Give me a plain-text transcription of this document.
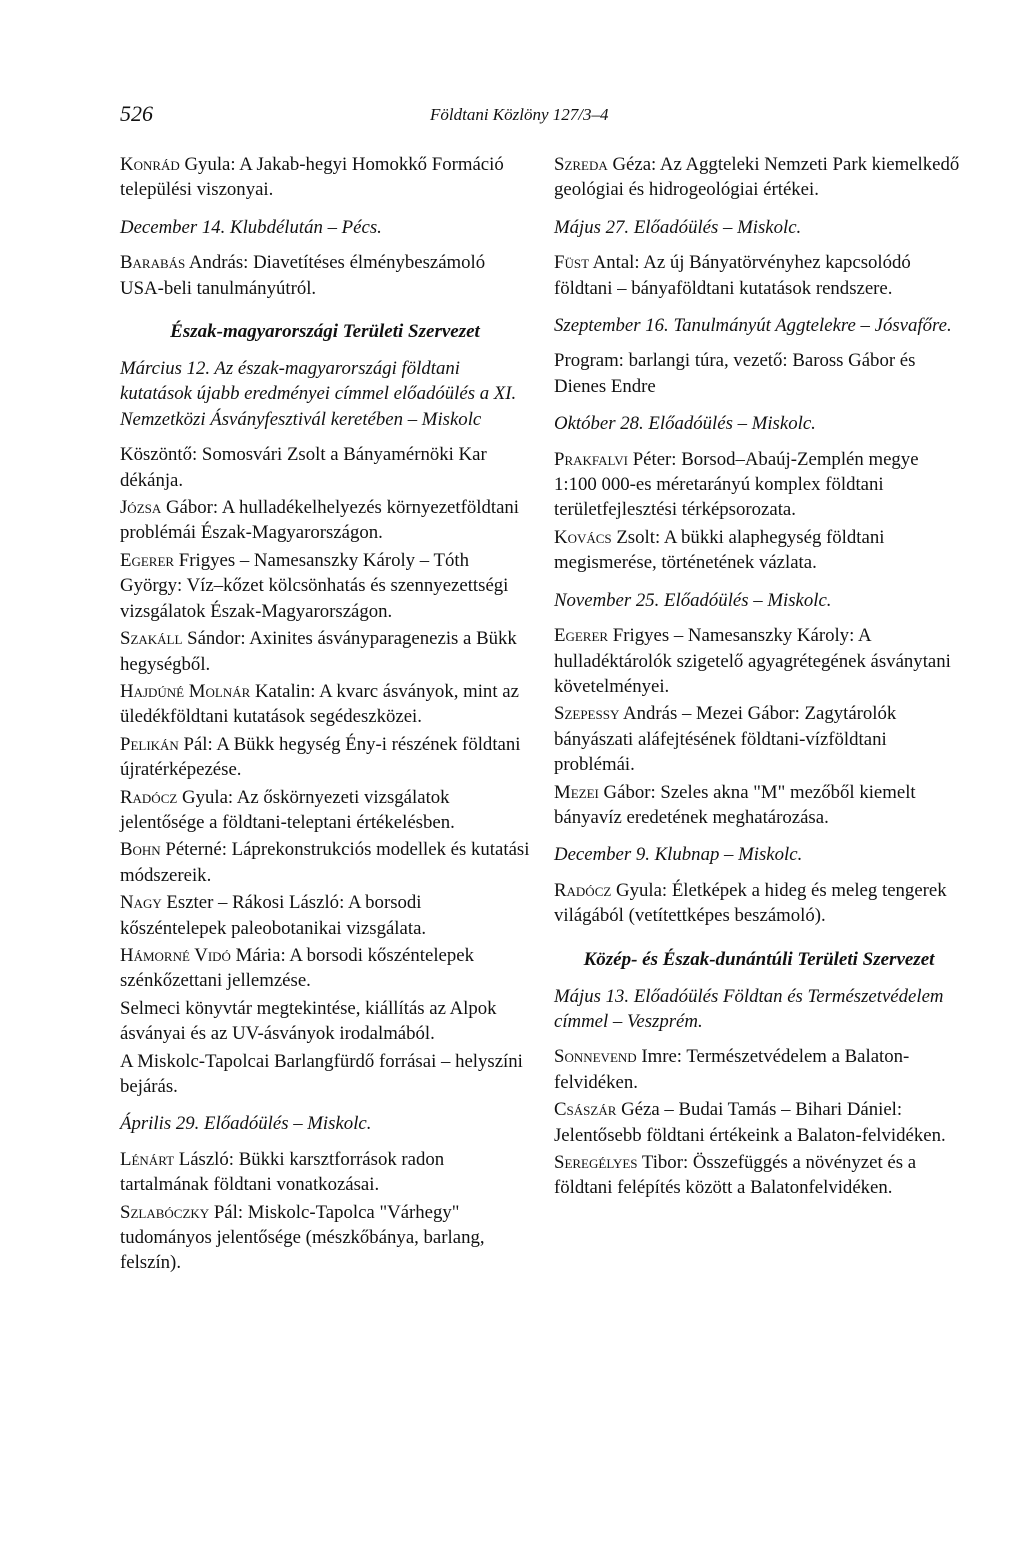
526	Földtani Közlöny 127/3–4

Konrád Gyula: A Jakab-hegyi Homokkő Formáció települési viszonyai.

December 14. Klubdélután – Pécs.

Barabás András: Diavetítéses élménybeszámoló USA-beli tanulmányútról.

Észak-magyarországi Területi Szervezet

Március 12. Az észak-magyarországi földtani kutatások újabb eredményei címmel előadóülés a XI. Nemzetközi Ásványfesztivál keretében – Miskolc

Köszöntő: Somosvári Zsolt a Bányamérnöki Kar dékánja.

Józsa Gábor: A hulladékelhelyezés környezetföldtani problémái Észak-Magyarországon.

Egerer Frigyes – Namesanszky Károly – Tóth György: Víz–kőzet kölcsönhatás és szennyezettségi vizsgálatok Észak-Magyarországon.

Szakáll Sándor: Axinites ásványparagenezis a Bükk hegységből.

Hajdúné Molnár Katalin: A kvarc ásványok, mint az üledékföldtani kutatások segédeszközei.

Pelikán Pál: A Bükk hegység Ény-i részének földtani újratérképezése.

Radócz Gyula: Az őskörnyezeti vizsgálatok jelentősége a földtani-teleptani értékelésben.

Bohn Péterné: Láprekonstrukciós modellek és kutatási módszereik.

Nagy Eszter – Rákosi László: A borsodi kőszéntelepek paleobotanikai vizsgálata.

Hámorné Vidó Mária: A borsodi kőszéntelepek szénkőzettani jellemzése.

Selmeci könyvtár megtekintése, kiállítás az Alpok ásványai és az UV-ásványok irodalmából.

A Miskolc-Tapolcai Barlangfürdő forrásai – helyszíni bejárás.

Április 29. Előadóülés – Miskolc.

Lénárt László: Bükki karsztforrások radon tartalmának földtani vonatkozásai.

Szlabóczky Pál: Miskolc-Tapolca "Várhegy" tudományos jelentősége (mészkőbánya, barlang, felszín).

Szreda Géza: Az Aggteleki Nemzeti Park kiemelkedő geológiai és hidrogeológiai értékei.

Május 27. Előadóülés – Miskolc.

Füst Antal: Az új Bányatörvényhez kapcsolódó földtani – bányaföldtani kutatások rendszere.

Szeptember 16. Tanulmányút Aggtelekre – Jósvafőre.

Program: barlangi túra, vezető: Baross Gábor és Dienes Endre

Október 28. Előadóülés – Miskolc.

Prakfalvi Péter: Borsod–Abaúj-Zemplén megye 1:100 000-es méretarányú komplex földtani területfejlesztési térképsorozata.

Kovács Zsolt: A bükki alaphegység földtani megismerése, történetének vázlata.

November 25. Előadóülés – Miskolc.

Egerer Frigyes – Namesanszky Károly: A hulladéktárolók szigetelő agyagrétegének ásványtani követelményei.

Szepessy András – Mezei Gábor: Zagytárolók bányászati aláfejtésének földtani-vízföldtani problémái.

Mezei Gábor: Szeles akna "M" mezőből kiemelt bányavíz eredetének meghatározása.

December 9. Klubnap – Miskolc.

Radócz Gyula: Életképek a hideg és meleg tengerek világából (vetítettképes beszámoló).

Közép- és Észak-dunántúli Területi Szervezet

Május 13. Előadóülés Földtan és Természetvédelem címmel – Veszprém.

Sonnevend Imre: Természetvédelem a Balaton-felvidéken.

Császár Géza – Budai Tamás – Bihari Dániel: Jelentősebb földtani értékeink a Balaton-felvidéken.

Seregélyes Tibor: Összefüggés a növényzet és a földtani felépítés között a Balatonfelvidéken.
